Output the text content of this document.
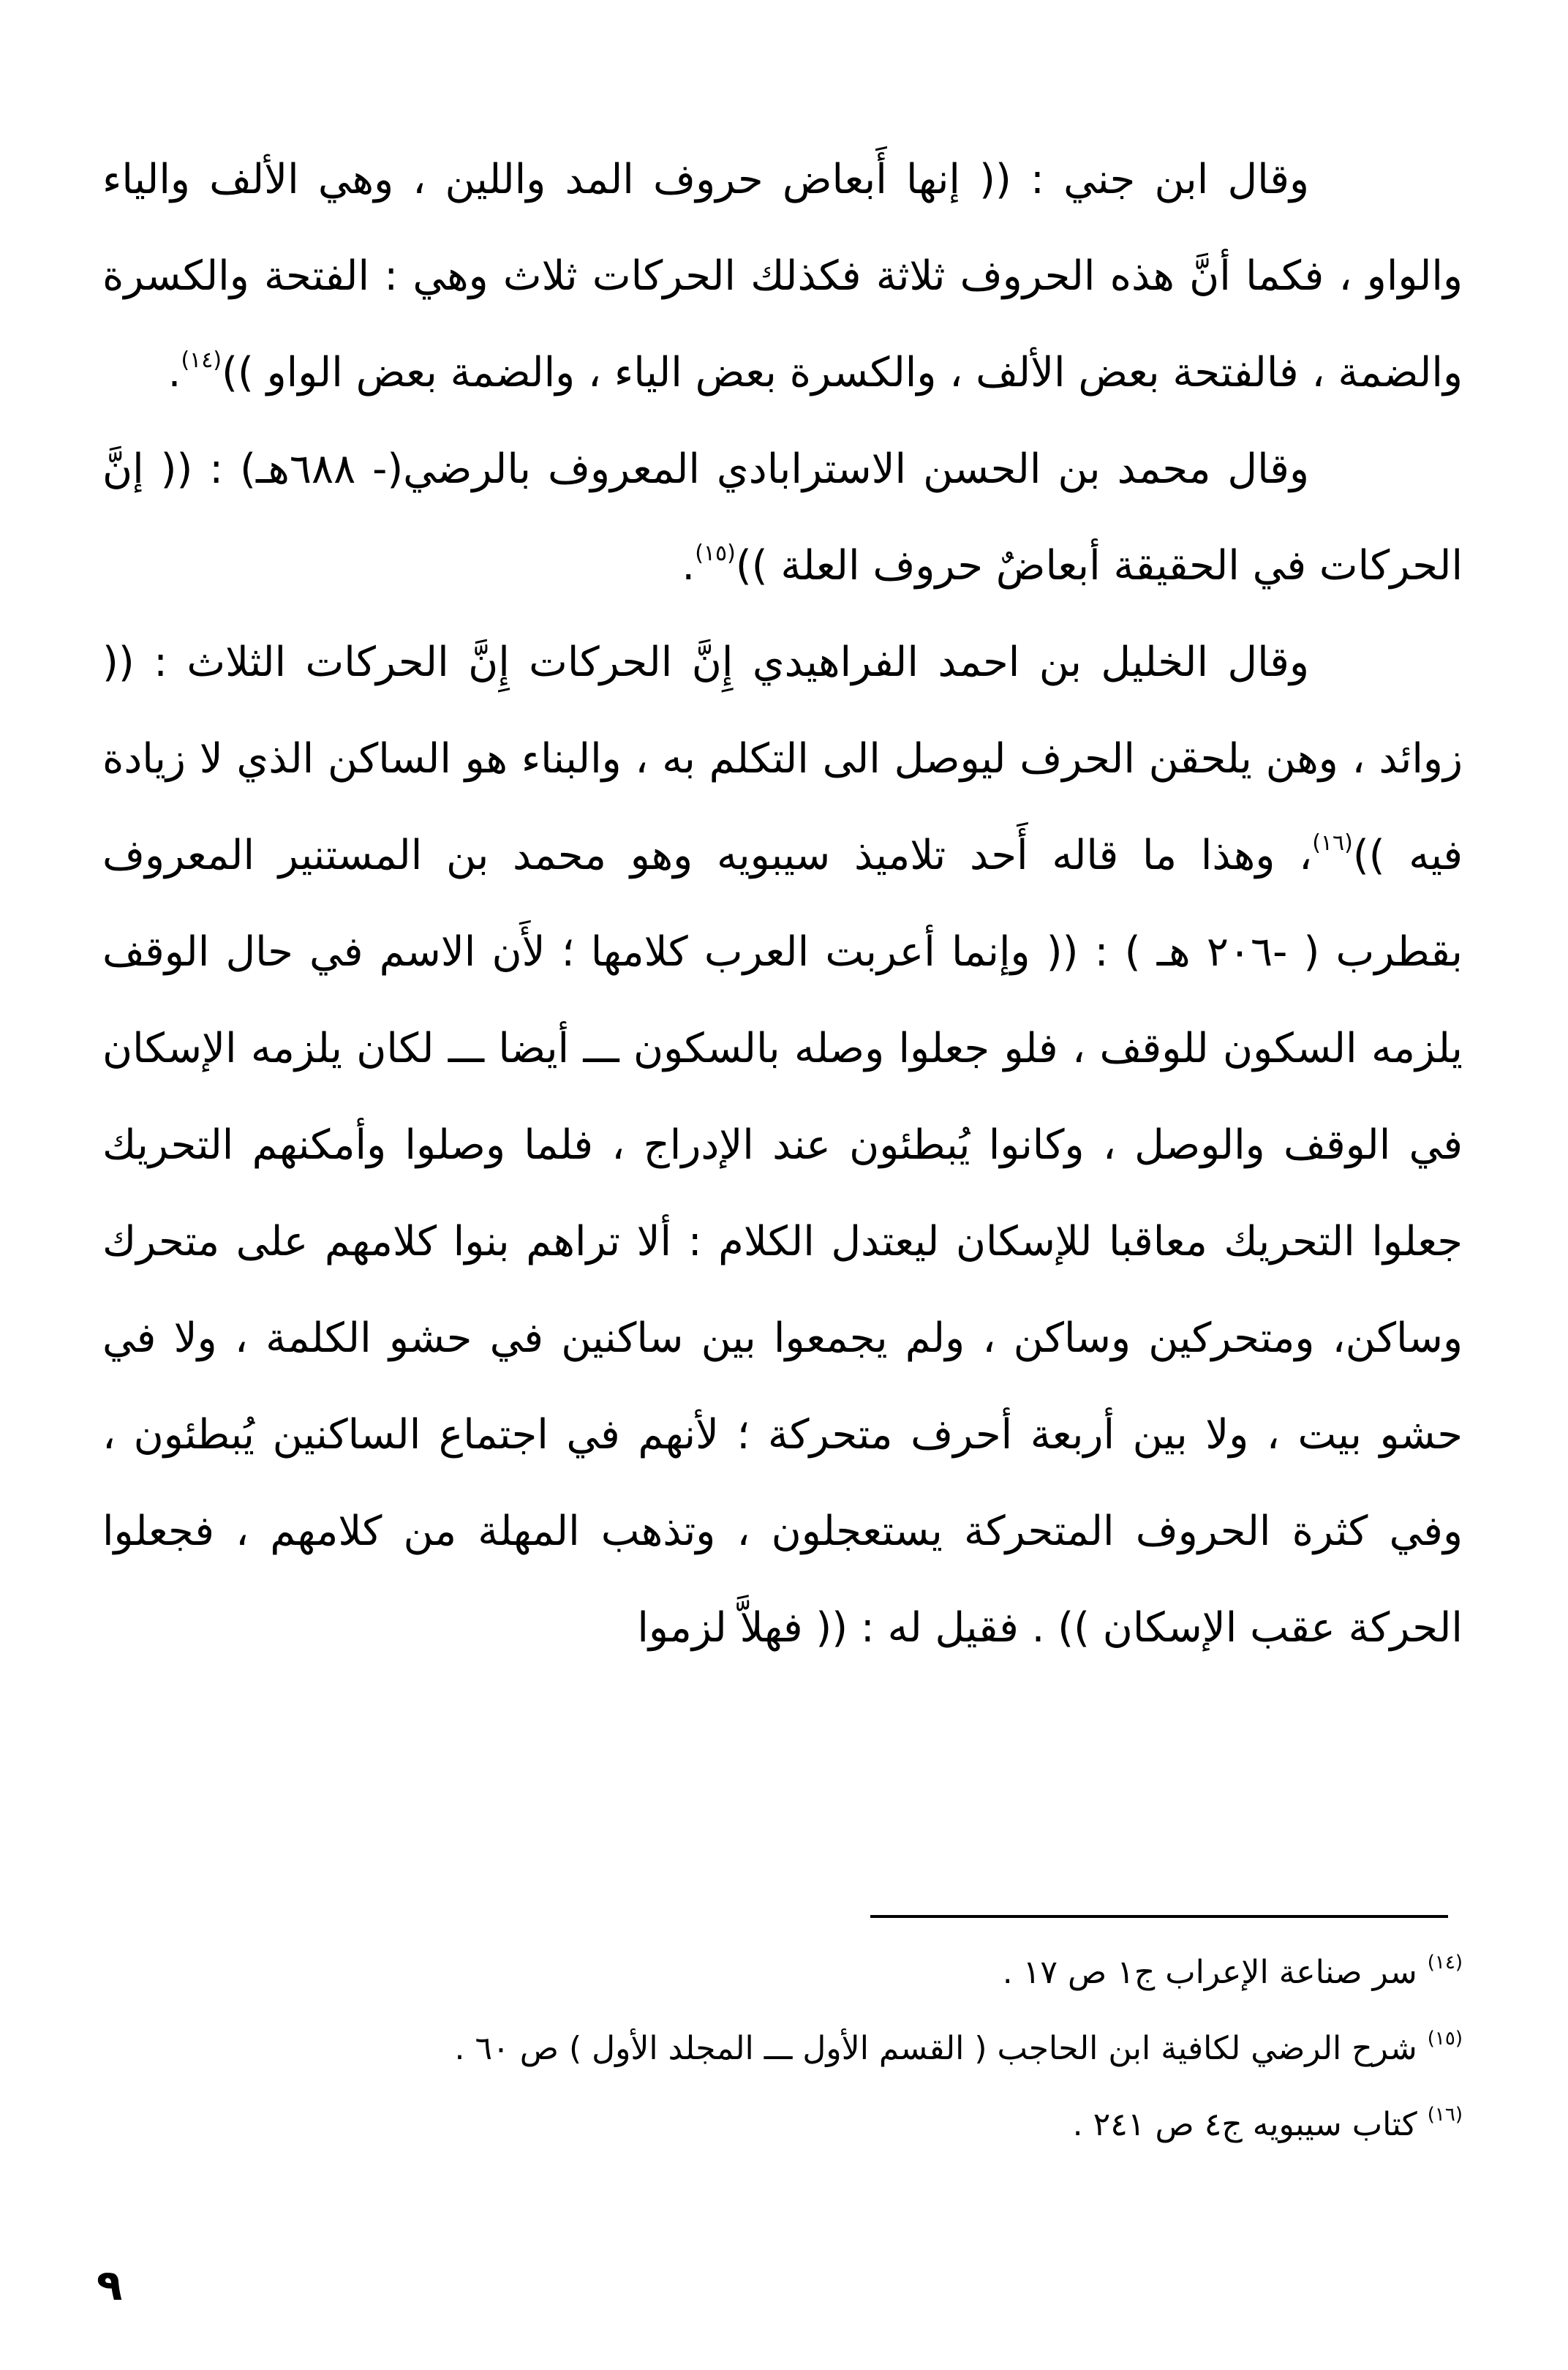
وقال ابن جني : (( إنها أَبعاض حروف المد واللين ، وهي الألف والياء والواو ، فكما أنَّ هذه الحروف ثلاثة فكذلك الحركات ثلاث وهي : الفتحة والكسرة والضمة ، فالفتحة بعض الألف ، والكسرة بعض الياء ، والضمة بعض الواو ))$^{(١٤)}$.

وقال محمد بن الحسن الاسترابادي المعروف بالرضي(- ٦٨٨هـ) : (( إنَّ الحركات في الحقيقة أبعاضٌ حروف العلة ))$^{(١٥)}$.

وقال الخليل بن احمد الفراهيدي إِنَّ الحركات إِنَّ الحركات الثلاث : (( زوائد ، وهن يلحقن الحرف ليوصل الى التكلم به ، والبناء هو الساكن الذي لا زيادة فيه ))$^{(١٦)}$، وهذا ما قاله أَحد تلاميذ سيبويه وهو محمد بن المستنير المعروف بقطرب ( -٢٠٦ هـ ) : (( وإنما أعربت العرب كلامها ؛ لأَن الاسم في حال الوقف يلزمه السكون للوقف ، فلو جعلوا وصله بالسكون ـــ أيضا ـــ لكان يلزمه الإسكان في الوقف والوصل ، وكانوا يُبطئون عند الإدراج ، فلما وصلوا وأمكنهم التحريك جعلوا التحريك معاقبا للإسكان ليعتدل الكلام : ألا تراهم بنوا كلامهم على متحرك وساكن، ومتحركين وساكن ، ولم يجمعوا بين ساكنين في حشو الكلمة ، ولا في حشو بيت ، ولا بين أربعة أحرف متحركة ؛ لأنهم في اجتماع الساكنين يُبطئون ، وفي كثرة الحروف المتحركة يستعجلون ، وتذهب المهلة من كلامهم ، فجعلوا الحركة عقب الإسكان )) . فقيل له : (( فهلاَّ لزموا

$^{(١٤)}$ سر صناعة الإعراب ج١ ص ١٧ .

$^{(١٥)}$ شرح الرضي لكافية ابن الحاجب ( القسم الأول ـــ المجلد الأول ) ص ٦٠ .

$^{(١٦)}$ كتاب سيبويه ج٤ ص ٢٤١ .

٩
